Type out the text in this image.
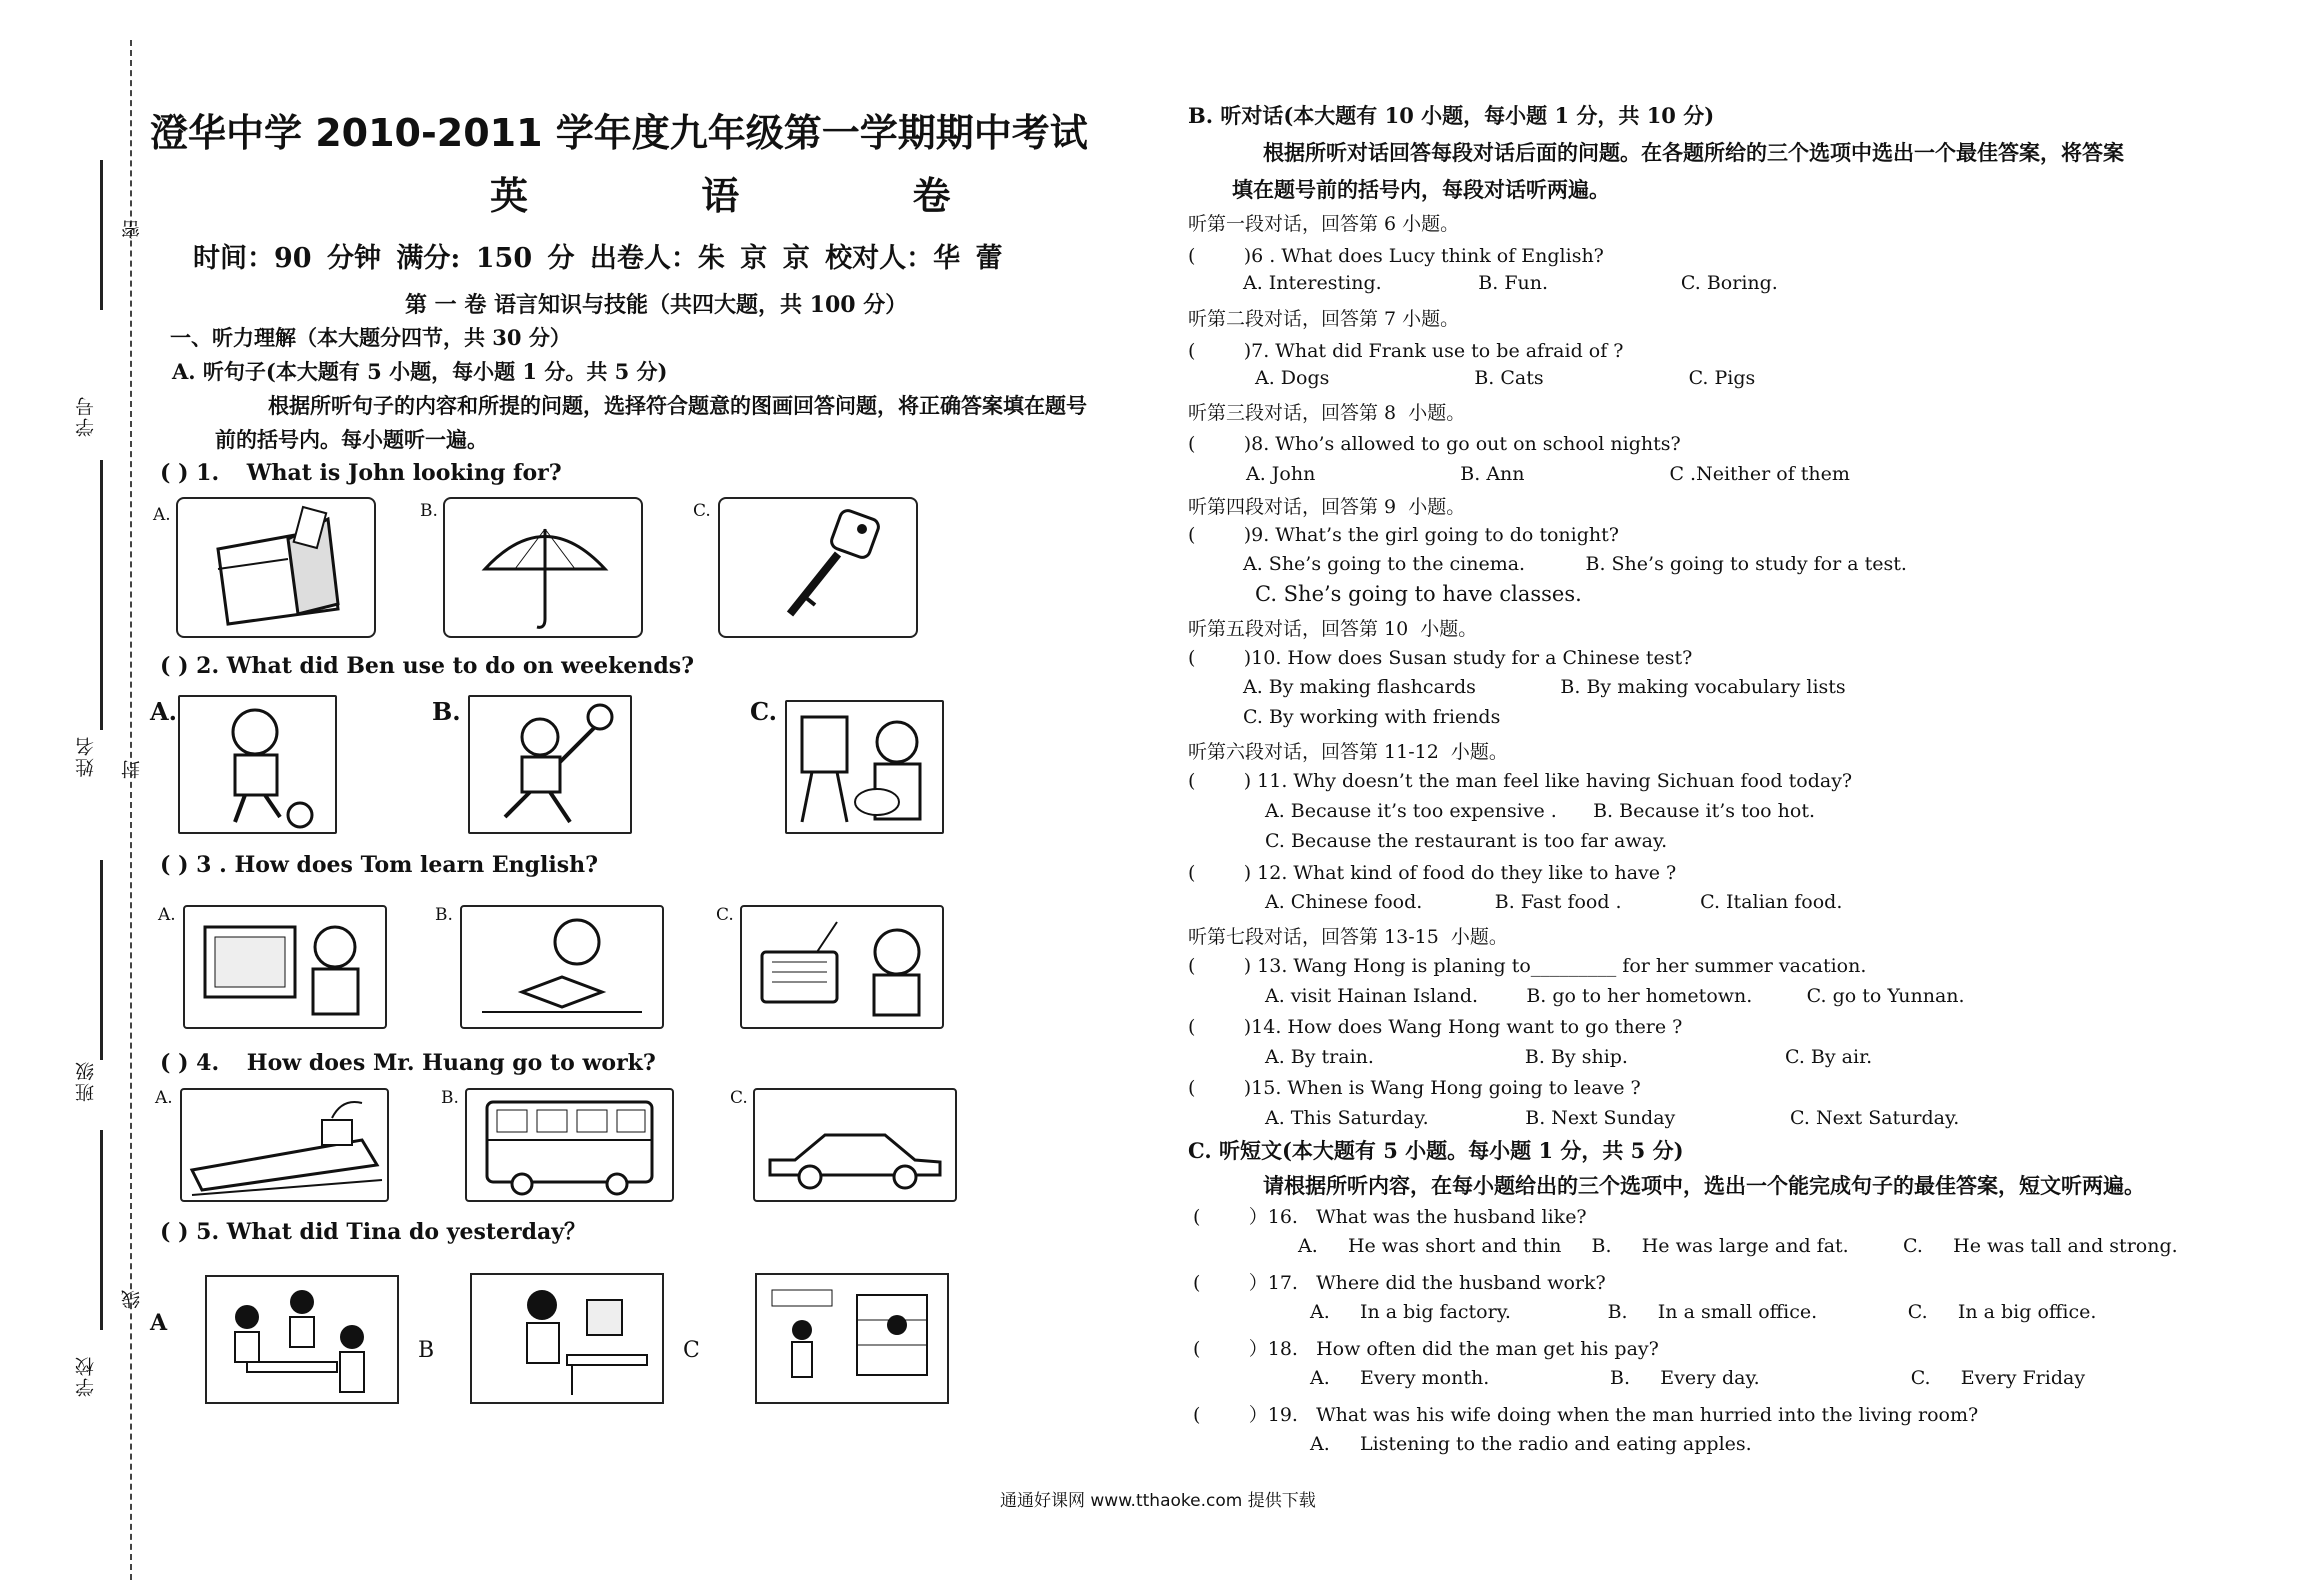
学号
姓名
班级
学校
密
封
线
澄华中学 2010-2011 学年度九年级第一学期期中考试
英 语 卷
时间：90 分钟 满分: 150 分 出卷人：朱 京 京 校对人：华 蕾
第 一 卷 语言知识与技能（共四大题，共 100 分）
一、听力理解（本大题分四节，共 30 分）
A. 听句子(本大题有 5 小题，每小题 1 分。共 5 分)
根据所听句子的内容和所提的问题，选择符合题意的图画回答问题，将正确答案填在题号
前的括号内。每小题听一遍。
( ) 1. What is John looking for?
A.	B.	C.
( ) 2. What did Ben use to do on weekends?
A.	B.	C.
( ) 3 . How does Tom learn English?
A.	B.	C.
( ) 4. How does Mr. Huang go to work?
A.	B.	C.
( ) 5. What did Tina do yesterday？
A
B	C
B. 听对话(本大题有 10 小题，每小题 1 分，共 10 分)
根据所听对话回答每段对话后面的问题。在各题所给的三个选项中选出一个最佳答案，将答案
填在题号前的括号内，每段对话听两遍。
听第一段对话，回答第 6 小题。
(        )6 . What does Lucy think of English?
A. Interesting.                B. Fun.                      C. Boring.
听第二段对话，回答第 7 小题。
(        )7. What did Frank use to be afraid of ?
A. Dogs                        B. Cats                        C. Pigs
听第三段对话，回答第 8  小题。
(        )8. Who’s allowed to go out on school nights?
A. John                        B. Ann                        C .Neither of them
听第四段对话，回答第 9  小题。
(        )9. What’s the girl going to do tonight?
A. She’s going to the cinema.          B. She’s going to study for a test.
C. She’s going to have classes.
听第五段对话，回答第 10  小题。
(        )10. How does Susan study for a Chinese test?
A. By making flashcards              B. By making vocabulary lists
C. By working with friends
听第六段对话，回答第 11-12  小题。
(        ) 11. Why doesn’t the man feel like having Sichuan food today?
A. Because it’s too expensive .      B. Because it’s too hot.
C. Because the restaurant is too far away.
(        ) 12. What kind of food do they like to have ?
A. Chinese food.            B. Fast food .             C. Italian food.
听第七段对话，回答第 13-15  小题。
(        ) 13. Wang Hong is planing to_________ for her summer vacation.
A. visit Hainan Island.        B. go to her hometown.         C. go to Yunnan.
(        )14. How does Wang Hong want to go there ?
A. By train.                         B. By ship.                          C. By air.
(        )15. When is Wang Hong going to leave ?
A. This Saturday.                B. Next Sunday                   C. Next Saturday.
C. 听短文(本大题有 5 小题。每小题 1 分，共 5 分)
请根据所听内容，在每小题给出的三个选项中，选出一个能完成句子的最佳答案，短文听两遍。
(        ）16.   What was the husband like?
A.     He was short and thin     B.     He was large and fat.         C.     He was tall and strong.
(        ）17.   Where did the husband work?
A.     In a big factory.                B.     In a small office.               C.     In a big office.
(        ）18.   How often did the man get his pay?
A.     Every month.                    B.     Every day.                         C.     Every Friday
(        ）19.   What was his wife doing when the man hurried into the living room?
A.     Listening to the radio and eating apples.
通通好课网 www.tthaoke.com 提供下载
